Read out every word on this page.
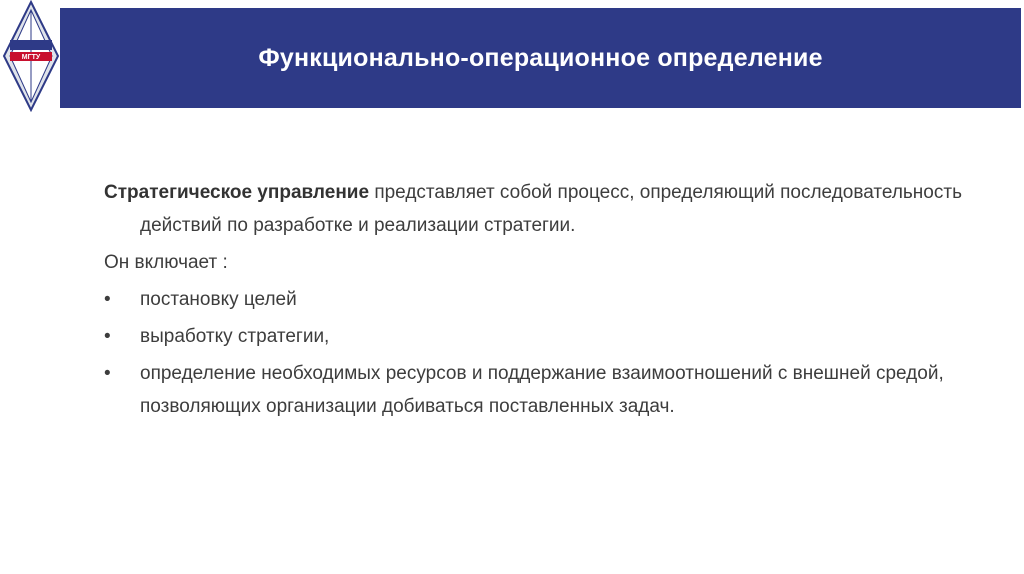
МГТУ	Функционально-операционное определение

Стратегическое управление представляет собой процесс, определяющий последовательность действий по разработке и реализации стратегии.

Он включает :

• постановку целей
• выработку стратегии,
• определение необходимых ресурсов и поддержание взаимоотношений с внешней средой, позволяющих организации добиваться поставленных задач.
